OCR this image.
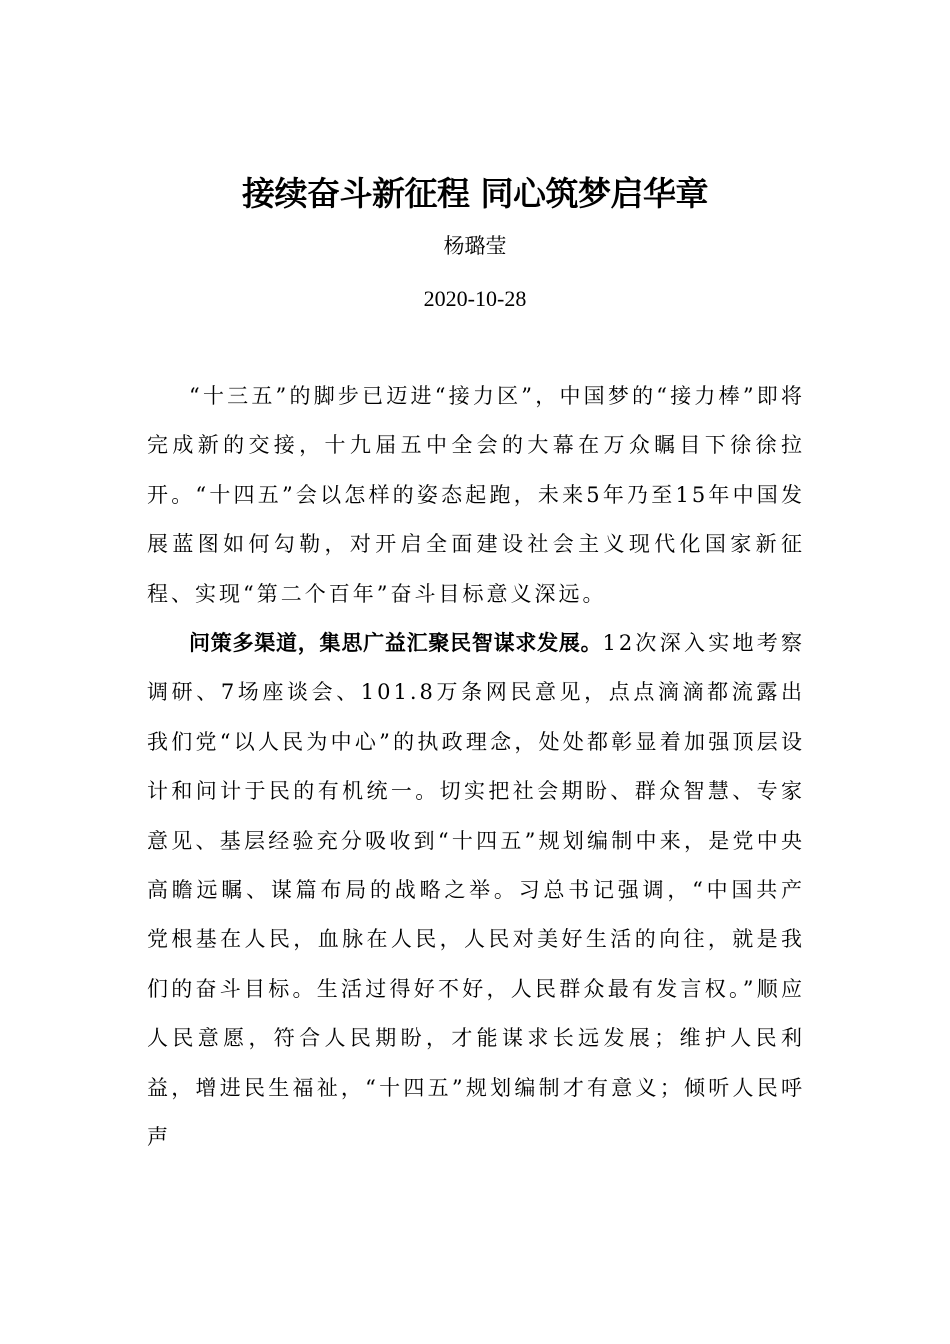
接续奋斗新征程 同心筑梦启华章
杨璐莹
2020-10-28

“十三五”的脚步已迈进“接力区”，中国梦的“接力棒”即将完成新的交接，十九届五中全会的大幕在万众瞩目下徐徐拉开。“十四五”会以怎样的姿态起跑，未来5年乃至15年中国发展蓝图如何勾勒，对开启全面建设社会主义现代化国家新征程、实现“第二个百年”奋斗目标意义深远。

问策多渠道，集思广益汇聚民智谋求发展。12次深入实地考察调研、7场座谈会、101.8万条网民意见，点点滴滴都流露出我们党“以人民为中心”的执政理念，处处都彰显着加强顶层设计和问计于民的有机统一。切实把社会期盼、群众智慧、专家意见、基层经验充分吸收到“十四五”规划编制中来，是党中央高瞻远瞩、谋篇布局的战略之举。习总书记强调，“中国共产党根基在人民，血脉在人民，人民对美好生活的向往，就是我们的奋斗目标。生活过得好不好，人民群众最有发言权。”顺应人民意愿，符合人民期盼，才能谋求长远发展；维护人民利益，增进民生福祉，“十四五”规划编制才有意义；倾听人民呼声
